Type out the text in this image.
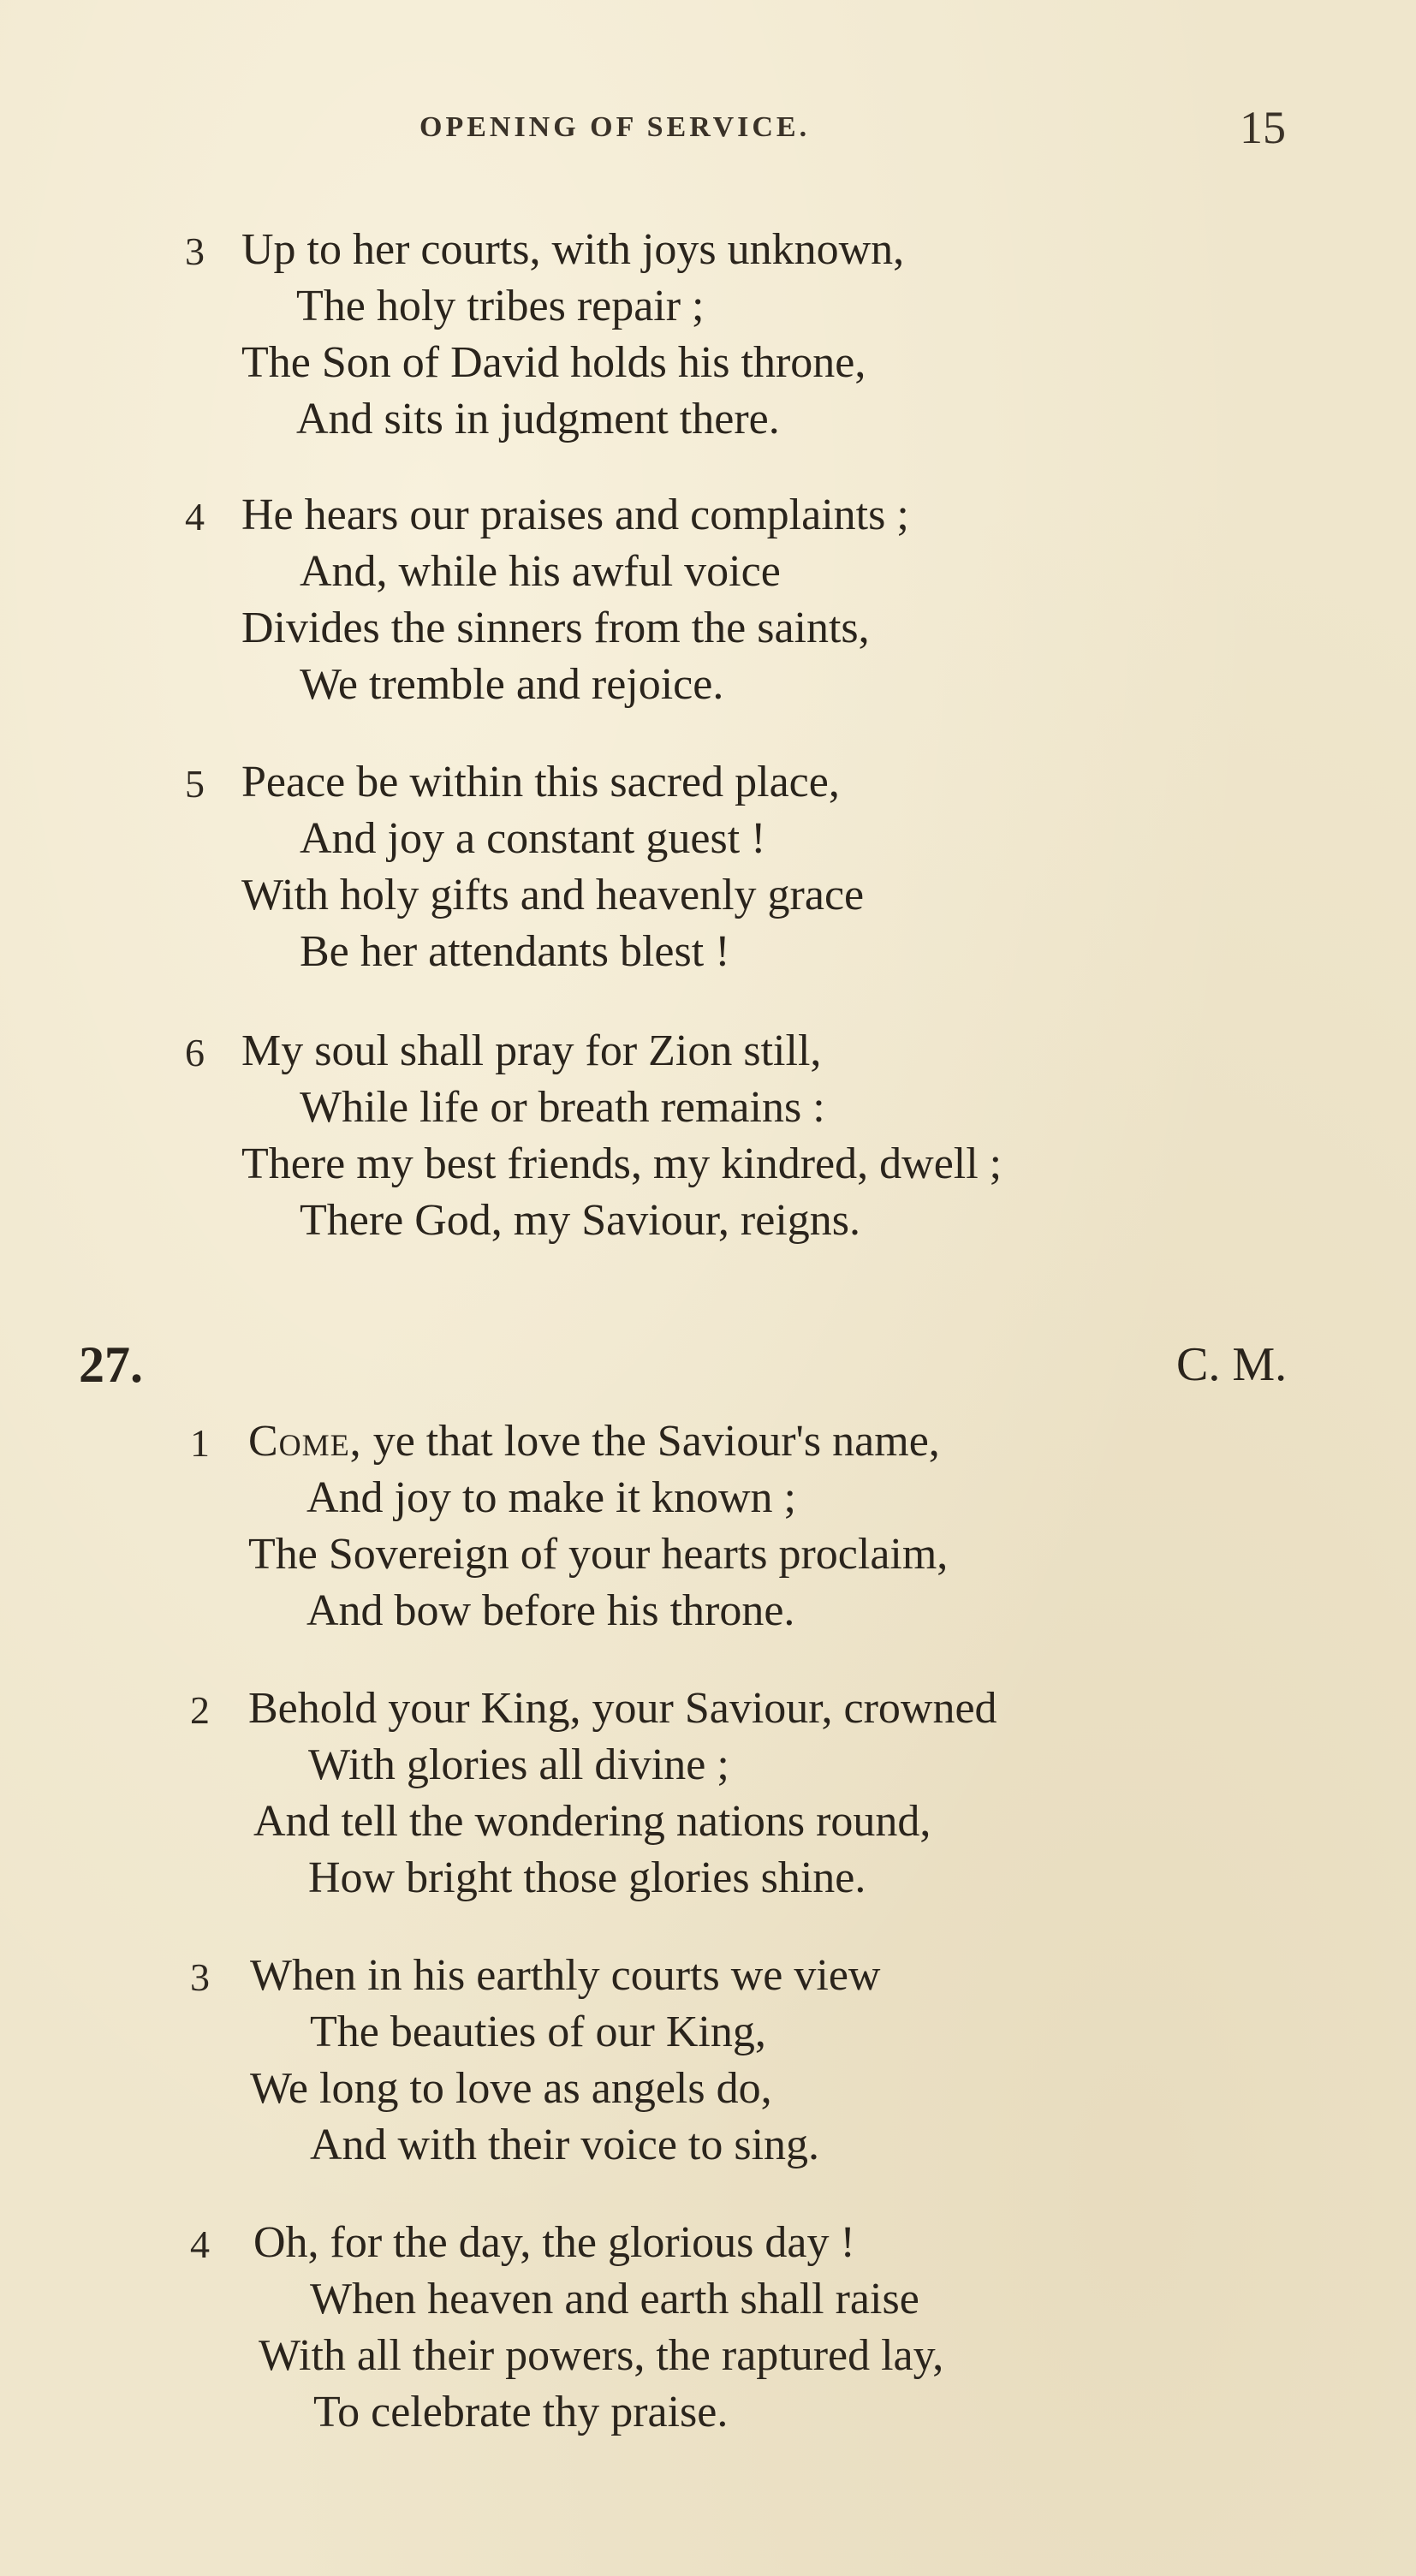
OPENING OF SERVICE.	15
3 Up to her courts, with joys unknown,
The holy tribes repair ;
The Son of David holds his throne,
And sits in judgment there.
4 He hears our praises and complaints ;
And, while his awful voice
Divides the sinners from the saints,
We tremble and rejoice.
5 Peace be within this sacred place,
And joy a constant guest !
With holy gifts and heavenly grace
Be her attendants blest !
6 My soul shall pray for Zion still,
While life or breath remains :
There my best friends, my kindred, dwell ;
There God, my Saviour, reigns.
27.	C. M.
1 Come, ye that love the Saviour's name,
And joy to make it known ;
The Sovereign of your hearts proclaim,
And bow before his throne.
2 Behold your King, your Saviour, crowned
With glories all divine ;
And tell the wondering nations round,
How bright those glories shine.
3 When in his earthly courts we view
The beauties of our King,
We long to love as angels do,
And with their voice to sing.
4 Oh, for the day, the glorious day !
When heaven and earth shall raise
With all their powers, the raptured lay,
To celebrate thy praise.
